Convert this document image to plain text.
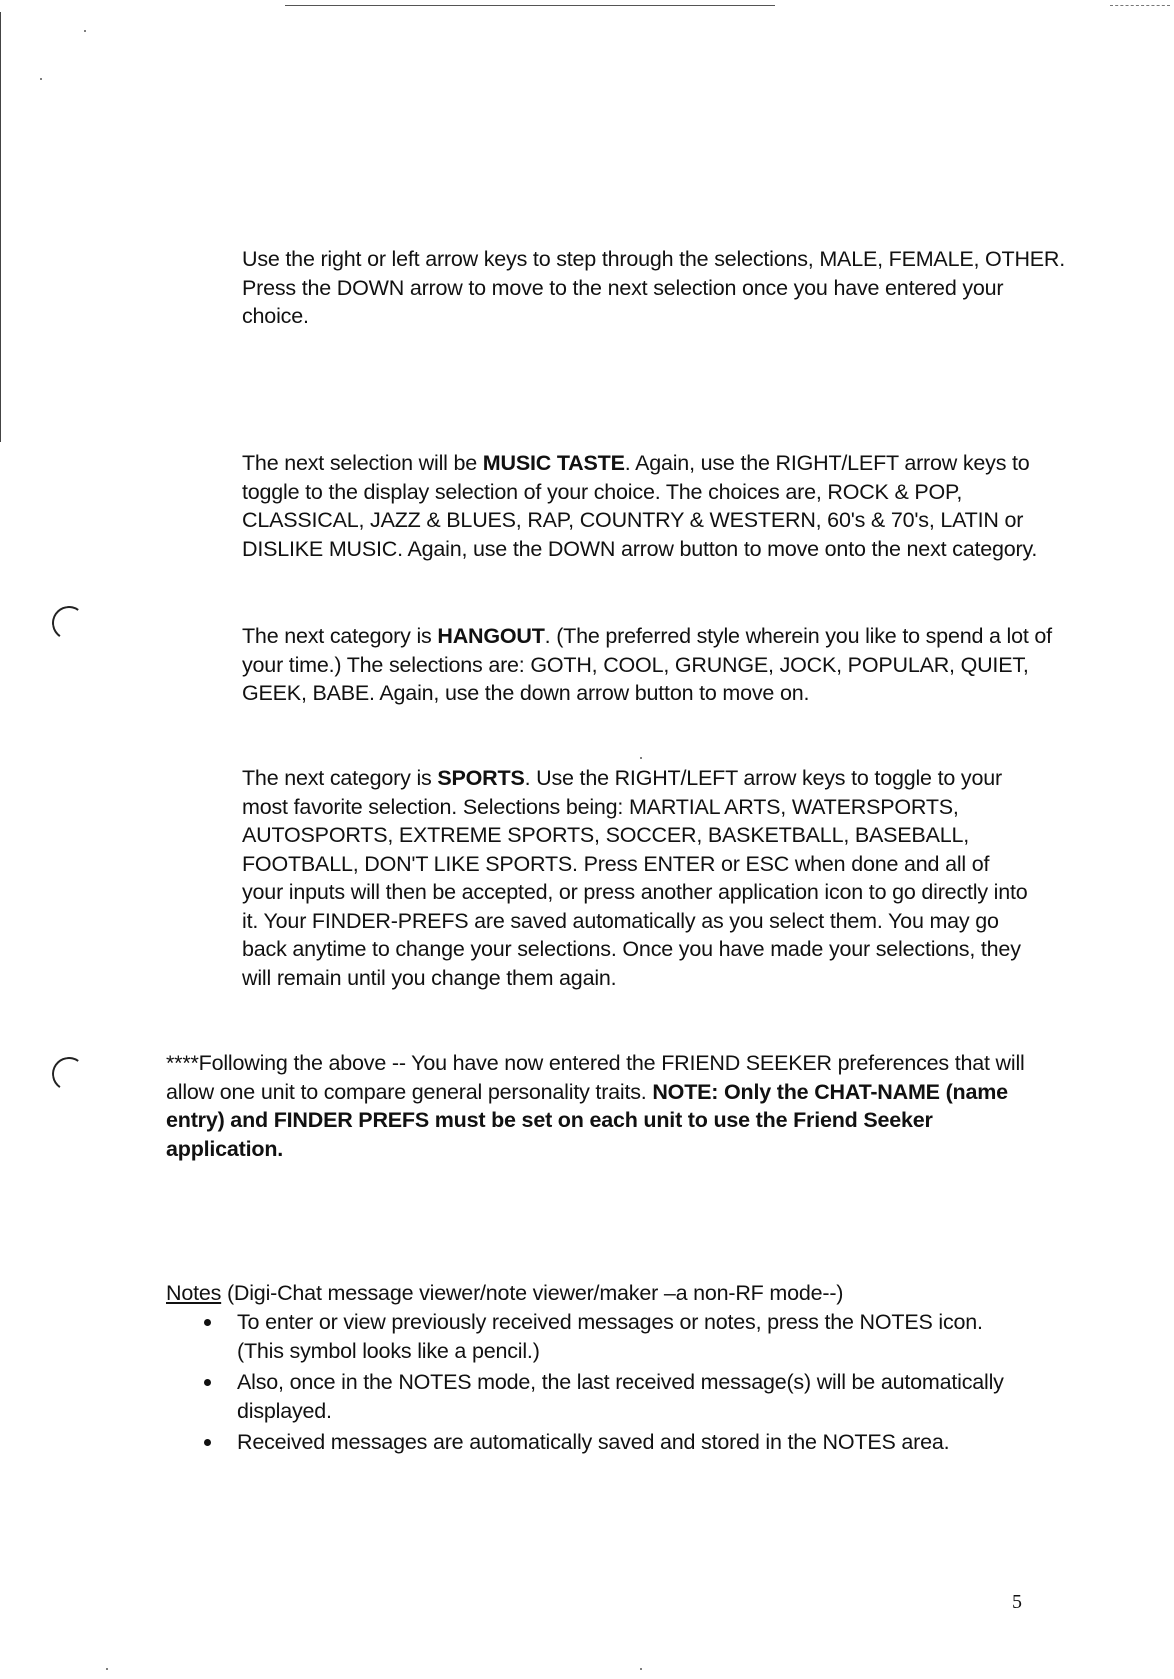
Use the right or left arrow keys to step through the selections, MALE, FEMALE, OTHER. Press the DOWN arrow to move to the next selection once you have entered your choice.
The next selection will be MUSIC TASTE. Again, use the RIGHT/LEFT arrow keys to toggle to the display selection of your choice. The choices are, ROCK & POP, CLASSICAL, JAZZ & BLUES, RAP, COUNTRY & WESTERN, 60's & 70's, LATIN or DISLIKE MUSIC. Again, use the DOWN arrow button to move onto the next category.
The next category is HANGOUT. (The preferred style wherein you like to spend a lot of your time.) The selections are: GOTH, COOL, GRUNGE, JOCK, POPULAR, QUIET, GEEK, BABE. Again, use the down arrow button to move on.
The next category is SPORTS. Use the RIGHT/LEFT arrow keys to toggle to your most favorite selection. Selections being: MARTIAL ARTS, WATERSPORTS, AUTOSPORTS, EXTREME SPORTS, SOCCER, BASKETBALL, BASEBALL, FOOTBALL, DON'T LIKE SPORTS. Press ENTER or ESC when done and all of your inputs will then be accepted, or press another application icon to go directly into it. Your FINDER-PREFS are saved automatically as you select them. You may go back anytime to change your selections. Once you have made your selections, they will remain until you change them again.
****Following the above -- You have now entered the FRIEND SEEKER preferences that will allow one unit to compare general personality traits. NOTE: Only the CHAT-NAME (name entry) and FINDER PREFS must be set on each unit to use the Friend Seeker application.
Notes (Digi-Chat message viewer/note viewer/maker –a non-RF mode--)
To enter or view previously received messages or notes, press the NOTES icon. (This symbol looks like a pencil.)
Also, once in the NOTES mode, the last received message(s) will be automatically displayed.
Received messages are automatically saved and stored in the NOTES area.
5
